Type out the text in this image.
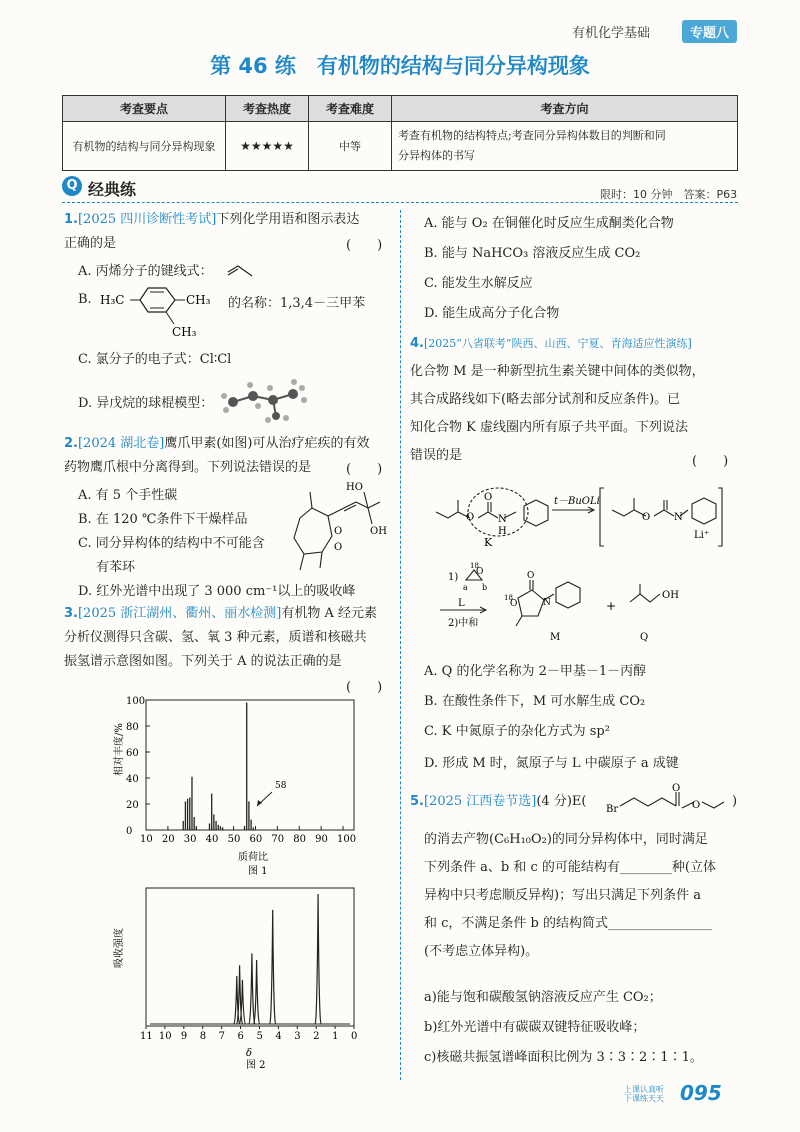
有机化学基础	专题八
第 46 练　有机物的结构与同分异构现象
考查要点	考查热度	考查难度	考查方向
有机物的结构与同分异构现象	★★★★★	中等	考查有机物的结构特点;考查同分异构体数目的判断和同
分异构体的书写
Q 经典练	限时：10 分钟　答案：P63
1.[2025 四川诊断性考试]下列化学用语和图示表达
正确的是	(　　)
A. 丙烯分子的键线式：
B. H₃C	CH₃
CH₃
的名称：1,3,4－三甲苯
C. 氯分子的电子式：Cl∶Cl
D. 异戊烷的球棍模型：
2.[2024 湖北卷]鹰爪甲素(如图)可从治疗疟疾的有效
药物鹰爪根中分离得到。下列说法错误的是	(　　)
A. 有 5 个手性碳
B. 在 120 ℃条件下干燥样品
C. 同分异构体的结构中不可能含
有苯环
D. 红外光谱中出现了 3 000 cm⁻¹以上的吸收峰
O
O
HO
OH
3.[2025 浙江湖州、衢州、丽水检测]有机物 A 经元素
分析仪测得只含碳、氢、氧 3 种元素，质谱和核磁共
振氢谱示意图如图。下列关于 A 的说法正确的是
(　　)
10 20 30 40 50 60 70 80 90 100
0
20
40
60
80
100
相对丰度/%
质荷比
图 1
58
11 10 9 8 7 6 5 4 3 2 1 0
吸收强度
δ
图 2
A. 能与 O₂ 在铜催化时反应生成酮类化合物
B. 能与 NaHCO₃ 溶液反应生成 CO₂
C. 能发生水解反应
D. 能生成高分子化合物
4.[2025“八省联考”陕西、山西、宁夏、青海适应性演练]
化合物 M 是一种新型抗生素关键中间体的类似物，
其合成路线如下(略去部分试剂和反应条件)。已
知化合物 K 虚线圈内所有原子共平面。下列说法
错误的是	(　　)
O
O
N
H
K
t－BuOLi
O N
Li⁺
1)
18
O
a b
L
2)中和
18
O
O
N
M
+
OH
Q
A. Q 的化学名称为 2－甲基－1－丙醇
B. 在酸性条件下，M 可水解生成 CO₂
C. K 中氮原子的杂化方式为 sp²
D. 形成 M 时，氮原子与 L 中碳原子 a 成键
5.[2025 江西卷节选](4 分)E(
Br
O
O )
的消去产物(C₆H₁₀O₂)的同分异构体中，同时满足
下列条件 a、b 和 c 的可能结构有________种(立体
异构中只考虑顺反异构)；写出只满足下列条件 a
和 c，不满足条件 b 的结构简式________________
(不考虑立体异构)。
a)能与饱和碳酸氢钠溶液反应产生 CO₂；
b)红外光谱中有碳碳双键特征吸收峰；
c)核磁共振氢谱峰面积比例为 3∶3∶2∶1∶1。
上课认真听
下课练天天 095
